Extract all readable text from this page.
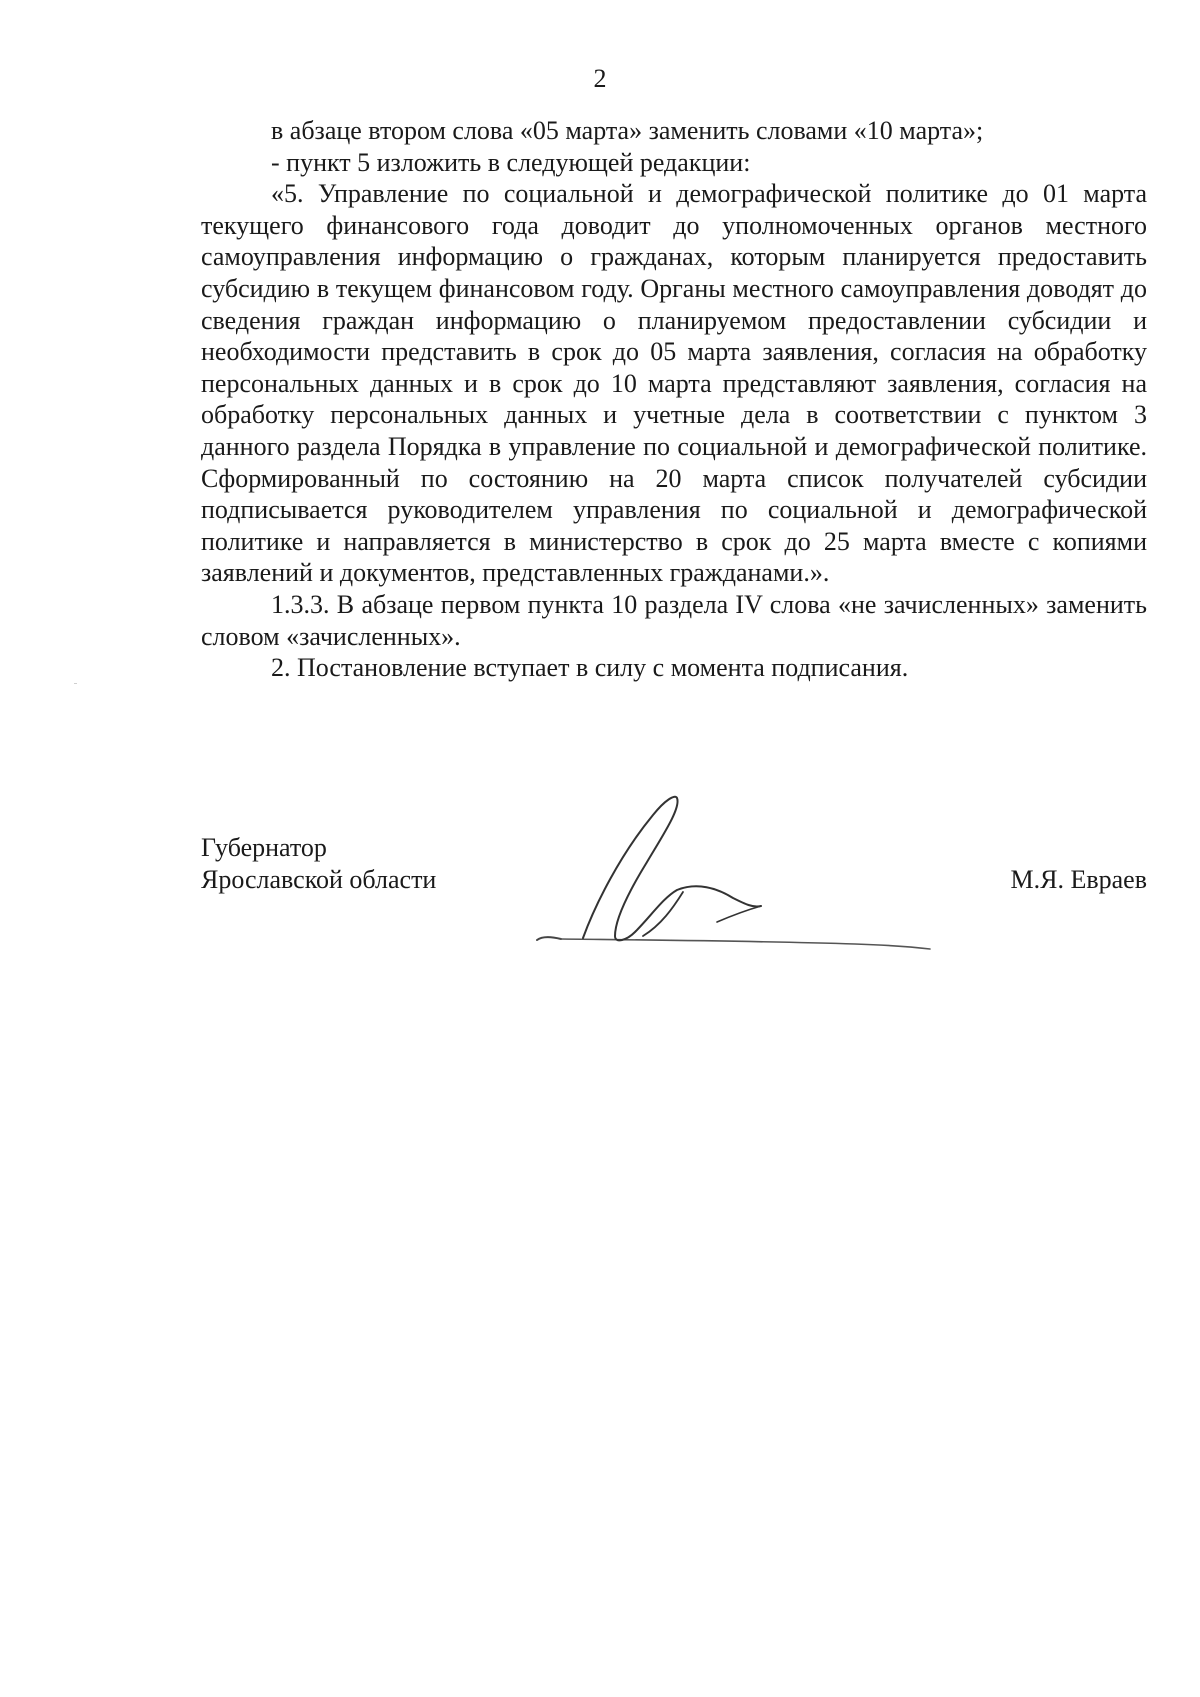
2

в абзаце втором слова «05 марта» заменить словами «10 марта»;

- пункт 5 изложить в следующей редакции:

«5. Управление по социальной и демографической политике до 01 марта текущего финансового года доводит до уполномоченных органов местного самоуправления информацию о гражданах, которым планируется предоставить субсидию в текущем финансовом году. Органы местного самоуправления доводят до сведения граждан информацию о планируемом предоставлении субсидии и необходимости представить в срок до 05 марта заявления, согласия на обработку персональных данных и в срок до 10 марта представляют заявления, согласия на обработку персональных данных и учетные дела в соответствии с пунктом 3 данного раздела Порядка в управление по социальной и демографической политике. Сформированный по состоянию на 20 марта список получателей субсидии подписывается руководителем управления по социальной и демографической политике и направляется в министерство в срок до 25 марта вместе с копиями заявлений и документов, представленных гражданами.».

1.3.3. В абзаце первом пункта 10 раздела IV слова «не зачисленных» заменить словом «зачисленных».

2. Постановление вступает в силу с момента подписания.

Губернатор
Ярославской области	М.Я. Евраев
